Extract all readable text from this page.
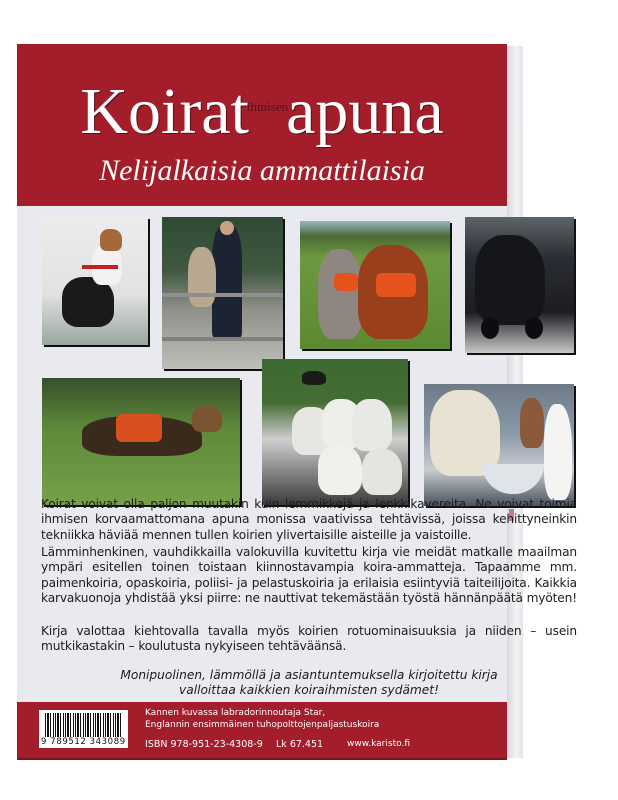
Koirat$^{ihmisen}$apuna
Nelijalkaisia ammattilaisia
Koirat voivat olla paljon muutakin kuin lemmikkejä ja lenkkikavereita. Ne voivat toimia ihmisen korvaamattomana apuna monissa vaativissa tehtävissä, joissa kehittyneinkin tekniikka häviää mennen tullen koirien ylivertaisille aisteille ja vaistoille.
Lämminhenkinen, vauhdikkailla valokuvilla kuvitettu kirja vie meidät matkalle maailman ympäri esitellen toinen toistaan kiinnostavampia koira-ammatteja. Tapaamme mm. paimenkoiria, opaskoiria, poliisi- ja pelastuskoiria ja erilaisia esiintyviä taiteilijoita. Kaikkia karvakuonoja yhdistää yksi piirre: ne nauttivat tekemästään työstä hännänpäätä myöten!
Kirja valottaa kiehtovalla tavalla myös koirien rotuominaisuuksia ja niiden – usein mutkikastakin – koulutusta nykyiseen tehtäväänsä.
Monipuolinen, lämmöllä ja asiantuntemuksella kirjoitettu kirja
valloittaa kaikkien koiraihmisten sydämet!
9 789512 343089
Kannen kuvassa labradorinnoutaja Star,
Englannin ensimmäinen tuhopolttojenpaljastuskoira
ISBN 978-951-23-4308-9 Lk 67.451	www.karisto.fi
